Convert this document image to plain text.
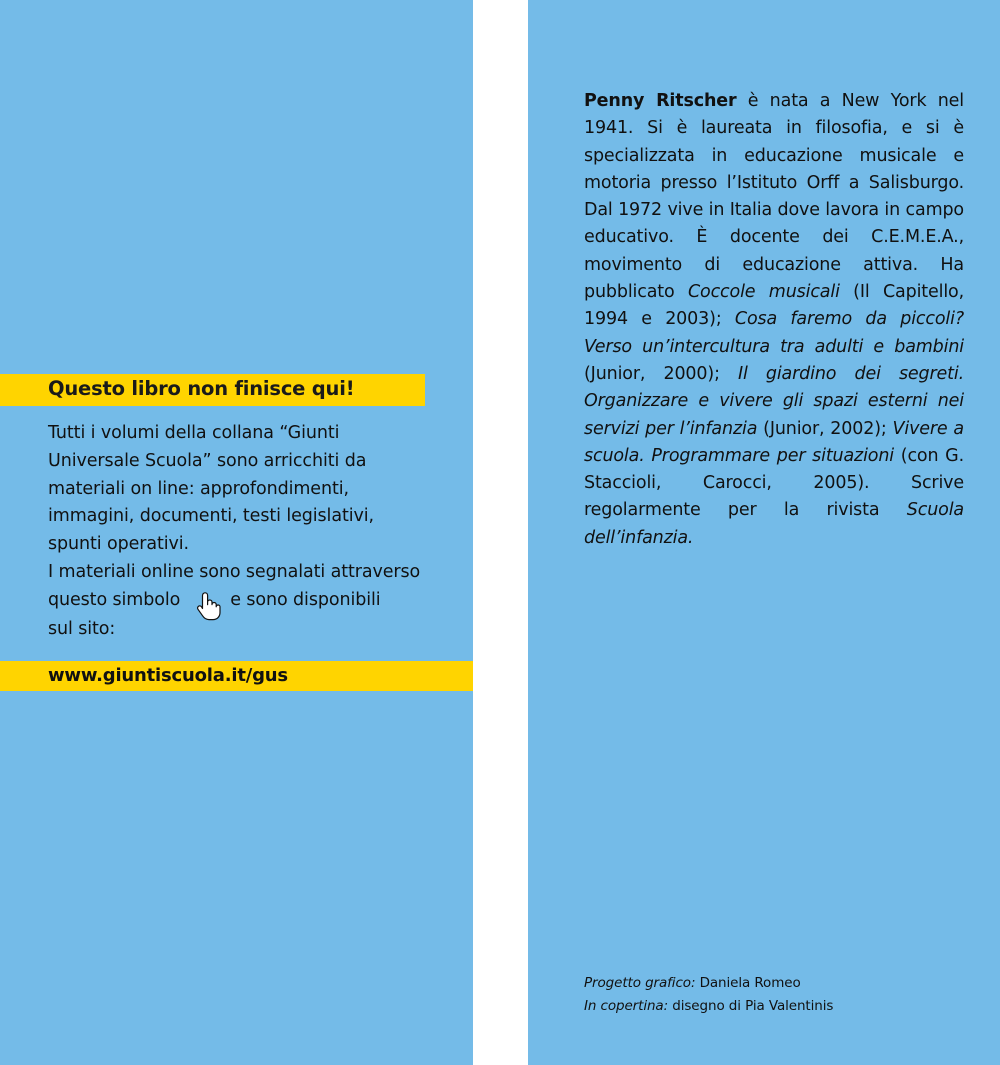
Questo libro non finisce qui!

Tutti i volumi della collana “Giunti Universale Scuola” sono arricchiti da materiali on line: approfondimenti, immagini, documenti, testi legislativi, spunti operativi.

I materiali online sono segnalati attraverso

questo simbolo	e sono disponibili

sul sito:

www.giuntiscuola.it/gus
Penny Ritscher è nata a New York nel 1941. Si è laureata in filosofia, e si è specializzata in educazione musicale e motoria presso l’Istituto Orff a Salisburgo. Dal 1972 vive in Italia dove lavora in campo educativo. È docente dei C.E.M.E.A., movimento di educazione attiva. Ha pubblicato Coccole musicali (Il Capitello, 1994 e 2003); Cosa faremo da piccoli? Verso un’intercultura tra adulti e bambini (Junior, 2000); Il giardino dei segreti. Organizzare e vivere gli spazi esterni nei servizi per l’infanzia (Junior, 2002); Vivere a scuola. Programmare per situazioni (con G. Staccioli, Carocci, 2005). Scrive regolarmente per la rivista Scuola dell’infanzia.
Progetto grafico: Daniela Romeo
In copertina: disegno di Pia Valentinis
